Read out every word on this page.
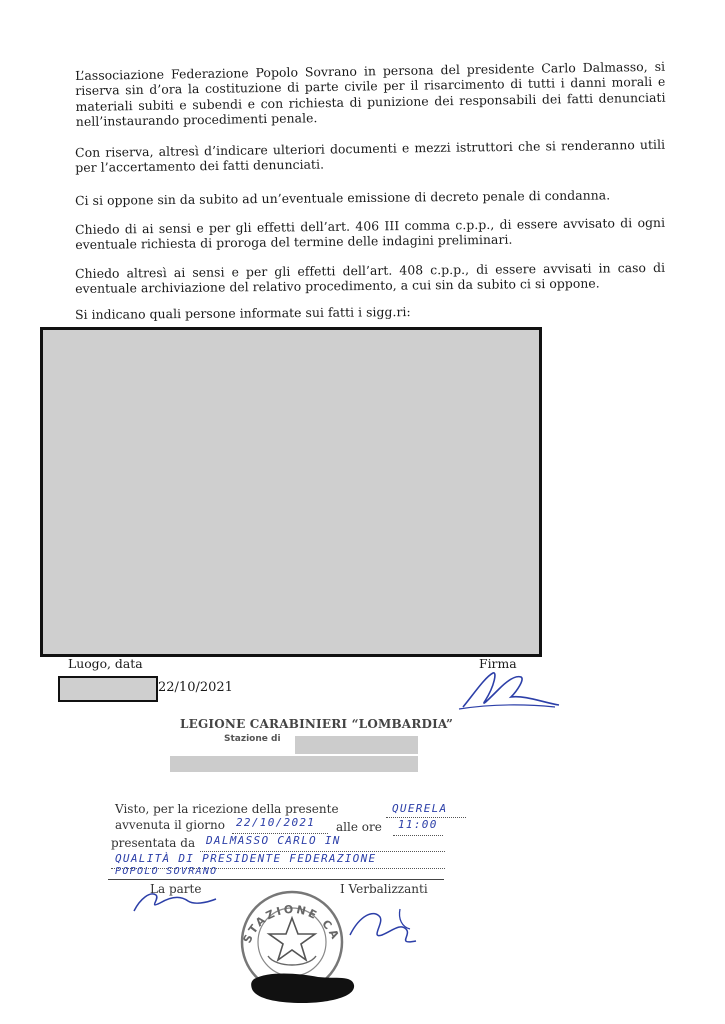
L’associazione Federazione Popolo Sovrano in persona del presidente Carlo Dalmasso, si riserva sin d’ora la costituzione di parte civile per il risarcimento di tutti i danni morali e materiali subiti e subendi e con richiesta di punizione dei responsabili dei fatti denunciati nell’instaurando procedimenti penale.

Con riserva, altresì d’indicare ulteriori documenti e mezzi istruttori che si renderanno utili per l’accertamento dei fatti denunciati.

Ci si oppone sin da subito ad un’eventuale emissione di decreto penale di condanna.

Chiedo di ai sensi e per gli effetti dell’art. 406 III comma c.p.p., di essere avvisato di ogni eventuale richiesta di proroga del termine delle indagini preliminari.

Chiedo altresì ai sensi e per gli effetti dell’art. 408 c.p.p., di essere avvisati in caso di eventuale archiviazione del relativo procedimento, a cui sin da subito ci si oppone.

Si indicano quali persone informate sui fatti i sigg.ri:

Luogo, data	Firma
22/10/2021
LEGIONE CARABINIERI “LOMBARDIA”
Stazione di
Visto, per la ricezione della presente	QUERELA
avvenuta il giorno 22/10/2021 alle ore 11:00
presentata da DALMASSO CARLO IN
QUALITÀ DI PRESIDENTE FEDERAZIONE
POPOLO SOVRANO
La parte	I Verbalizzanti
STAZIONE CARABINIERI
